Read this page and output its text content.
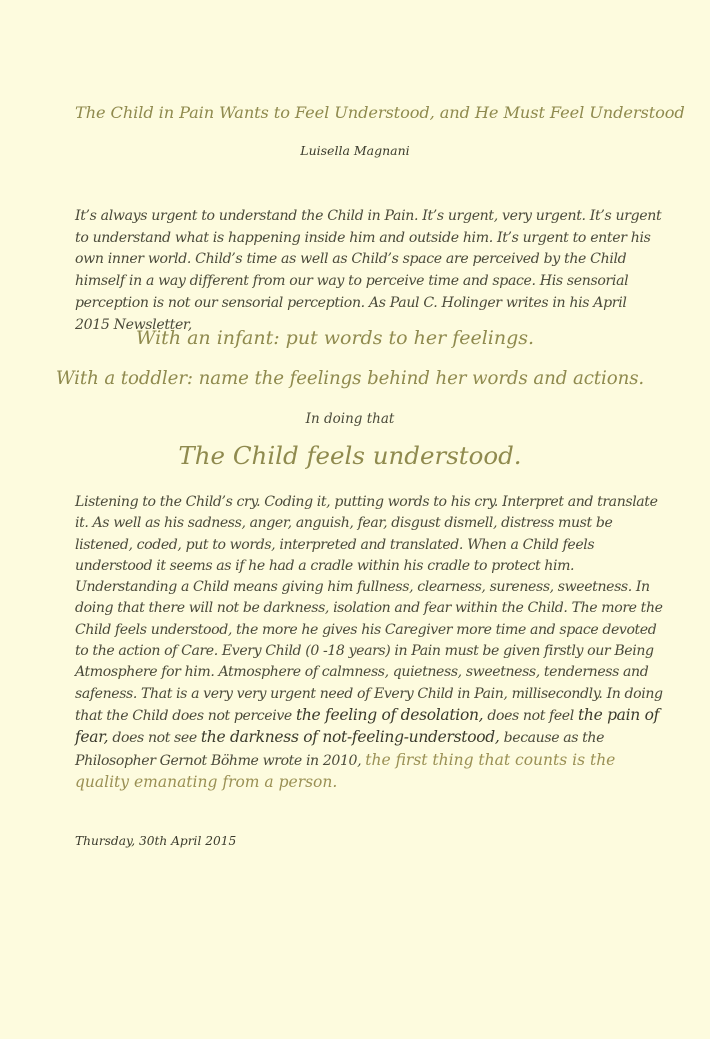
The Child in Pain Wants to Feel Understood, and He Must Feel Understood
Luisella Magnani
It’s always urgent to understand the Child in Pain. It’s urgent, very urgent. It’s urgent to understand what is happening inside him and outside him. It’s urgent to enter his own inner world. Child’s time as well as Child’s space are perceived by the Child himself in a way different from our way to perceive time and space. His sensorial perception is not our sensorial perception. As Paul C. Holinger writes in his April 2015 Newsletter,
With an infant: put words to her feelings.
With a toddler: name the feelings behind her words and actions.
In doing that
The Child feels understood.
Listening to the Child’s cry. Coding it, putting words to his cry. Interpret and translate it. As well as his sadness, anger, anguish, fear, disgust dismell, distress must be listened, coded, put to words, interpreted and translated. When a Child feels understood it seems as if he had a cradle within his cradle to protect him. Understanding a Child means giving him fullness, clearness, sureness, sweetness. In doing that there will not be darkness, isolation and fear within the Child. The more the Child feels understood, the more he gives his Caregiver more time and space devoted to the action of Care. Every Child (0 -18 years) in Pain must be given firstly our Being Atmosphere for him. Atmosphere of calmness, quietness, sweetness, tenderness and safeness. That is a very very urgent need of Every Child in Pain, millisecondly. In doing that the Child does not perceive the feeling of desolation, does not feel the pain of fear, does not see the darkness of not-feeling-understood, because as the Philosopher Gernot Böhme wrote in 2010, the first thing that counts is the quality emanating from a person.
Thursday, 30th April 2015
